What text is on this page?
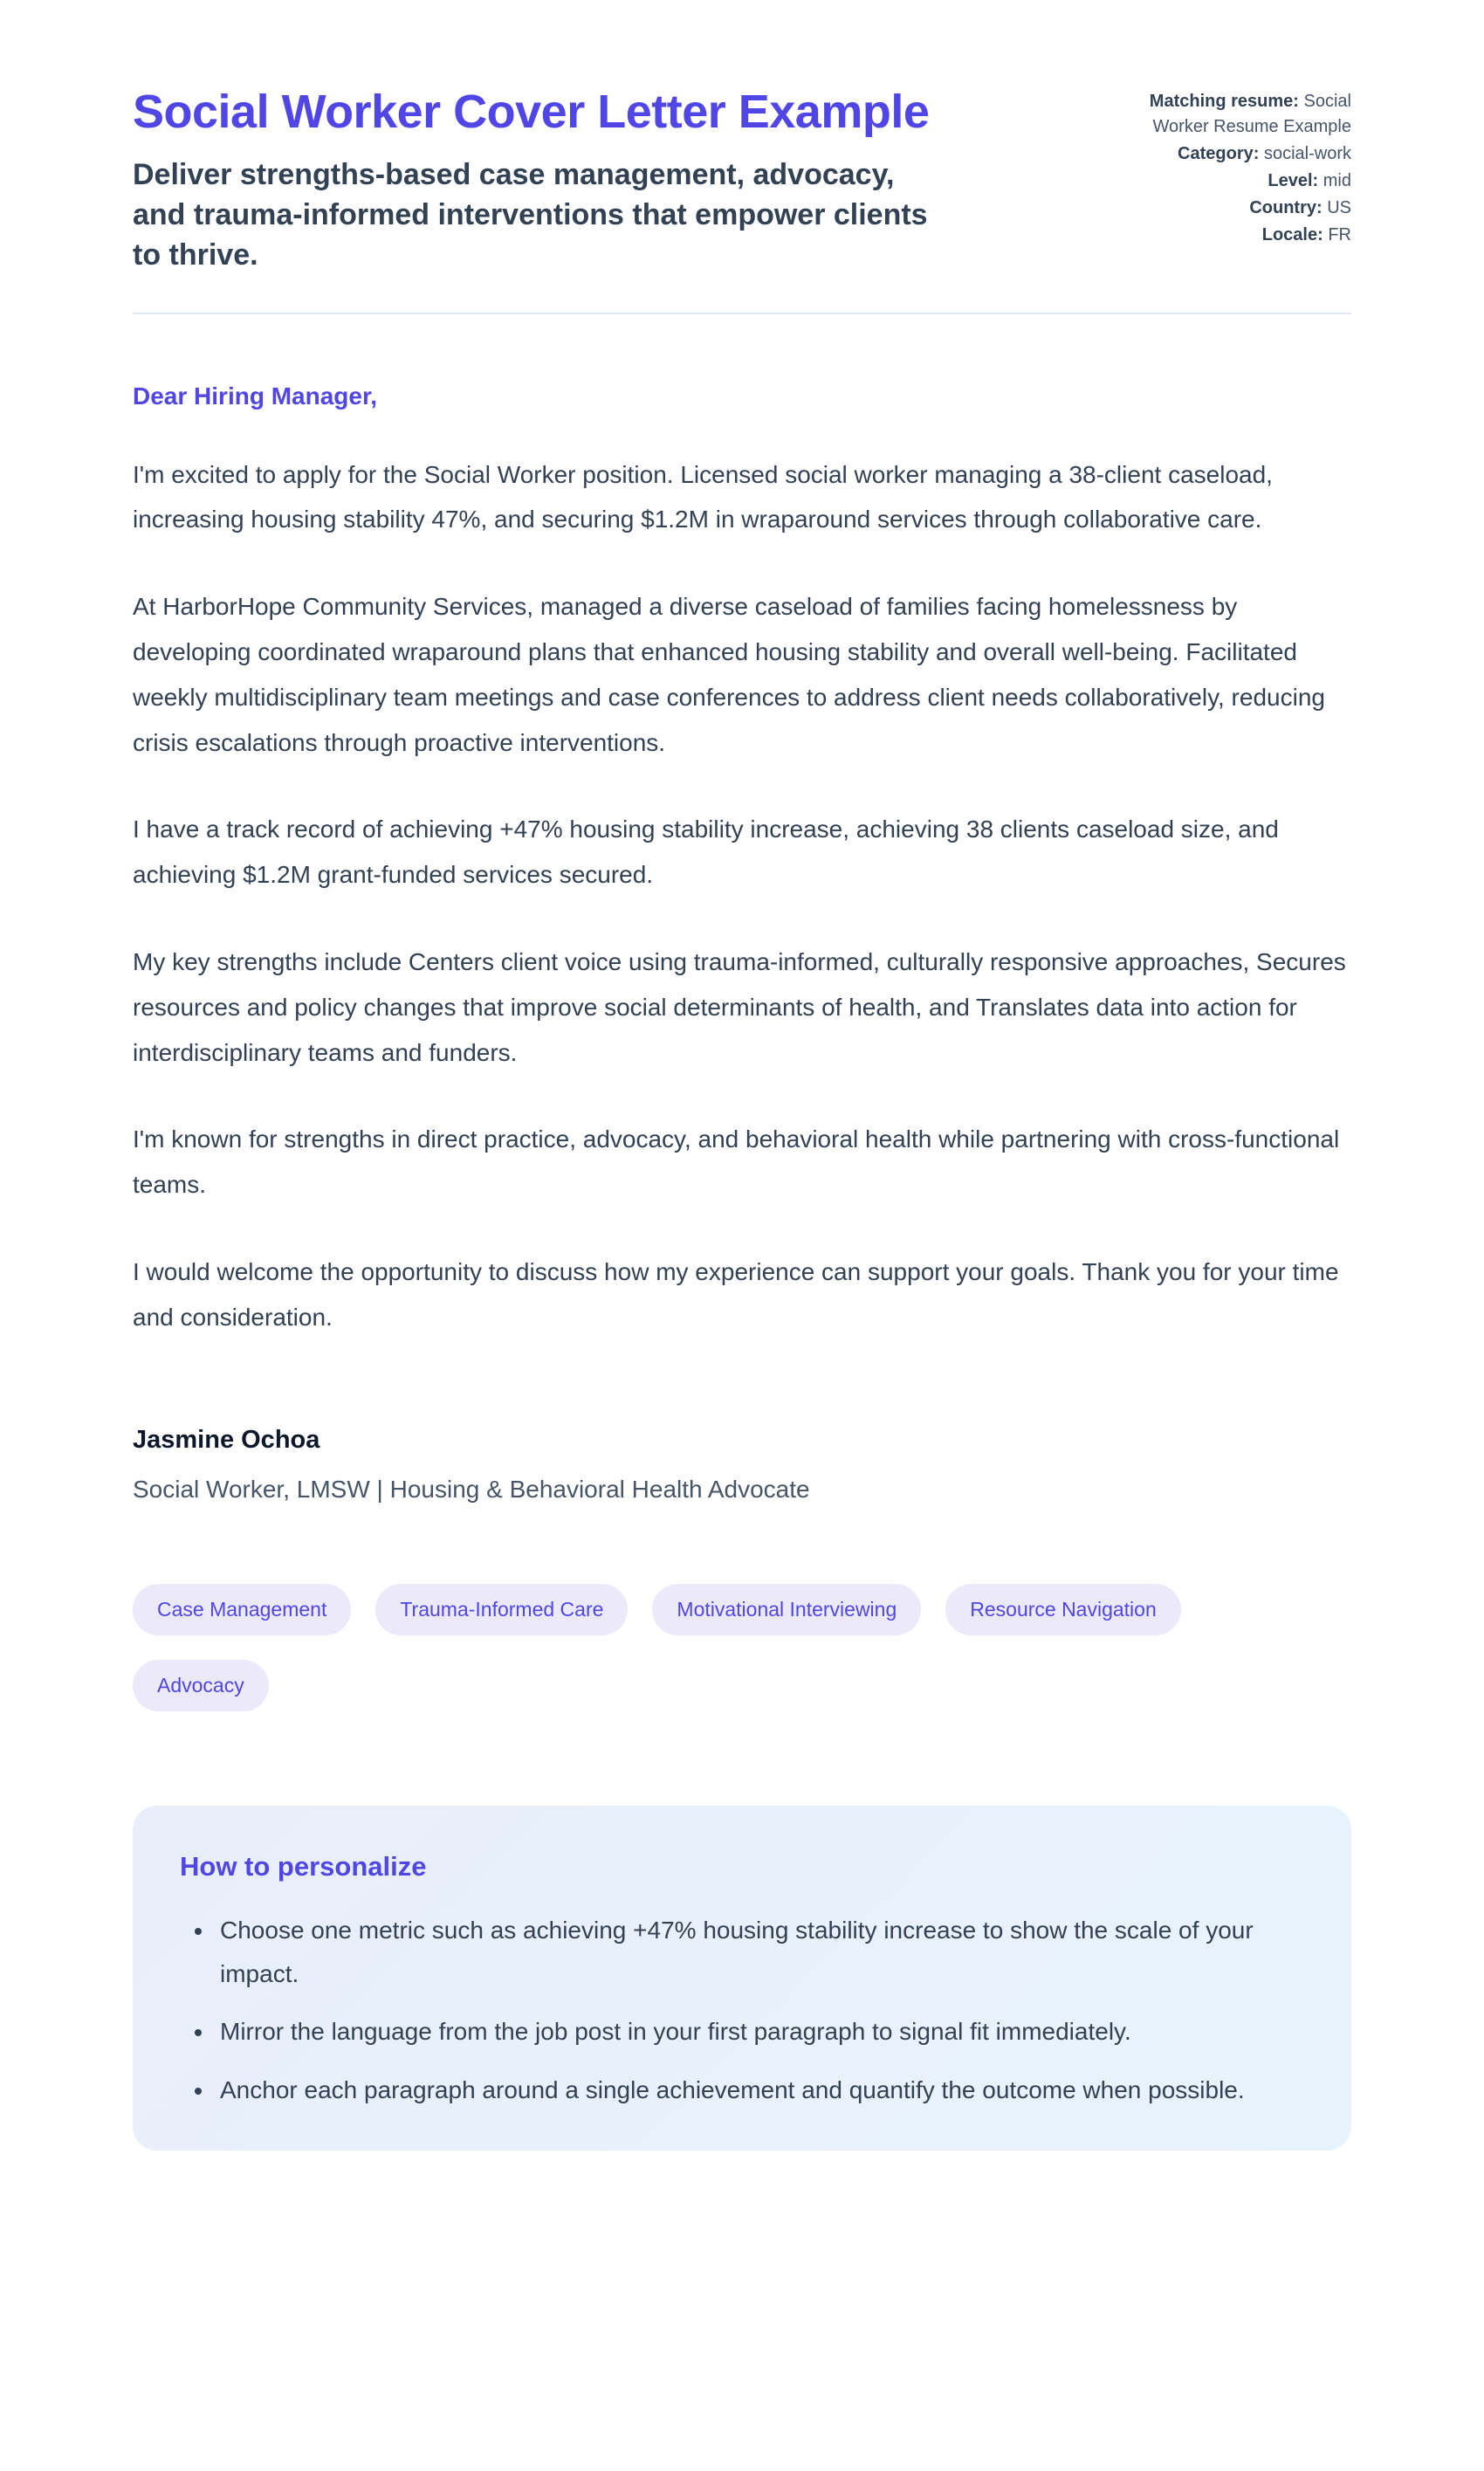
Social Worker Cover Letter Example
Deliver strengths-based case management, advocacy, and trauma-informed interventions that empower clients to thrive.
Matching resume: Social Worker Resume Example
Category: social-work
Level: mid
Country: US
Locale: FR
Dear Hiring Manager,

I'm excited to apply for the Social Worker position. Licensed social worker managing a 38-client caseload, increasing housing stability 47%, and securing $1.2M in wraparound services through collaborative care.

At HarborHope Community Services, managed a diverse caseload of families facing homelessness by developing coordinated wraparound plans that enhanced housing stability and overall well-being. Facilitated weekly multidisciplinary team meetings and case conferences to address client needs collaboratively, reducing crisis escalations through proactive interventions.

I have a track record of achieving +47% housing stability increase, achieving 38 clients caseload size, and achieving $1.2M grant-funded services secured.

My key strengths include Centers client voice using trauma-informed, culturally responsive approaches, Secures resources and policy changes that improve social determinants of health, and Translates data into action for interdisciplinary teams and funders.

I'm known for strengths in direct practice, advocacy, and behavioral health while partnering with cross-functional teams.

I would welcome the opportunity to discuss how my experience can support your goals. Thank you for your time and consideration.

Jasmine Ochoa
Social Worker, LMSW | Housing & Behavioral Health Advocate
Case Management	Trauma-Informed Care	Motivational Interviewing	Resource Navigation
Advocacy
How to personalize
• Choose one metric such as achieving +47% housing stability increase to show the scale of your impact.
• Mirror the language from the job post in your first paragraph to signal fit immediately.
• Anchor each paragraph around a single achievement and quantify the outcome when possible.
